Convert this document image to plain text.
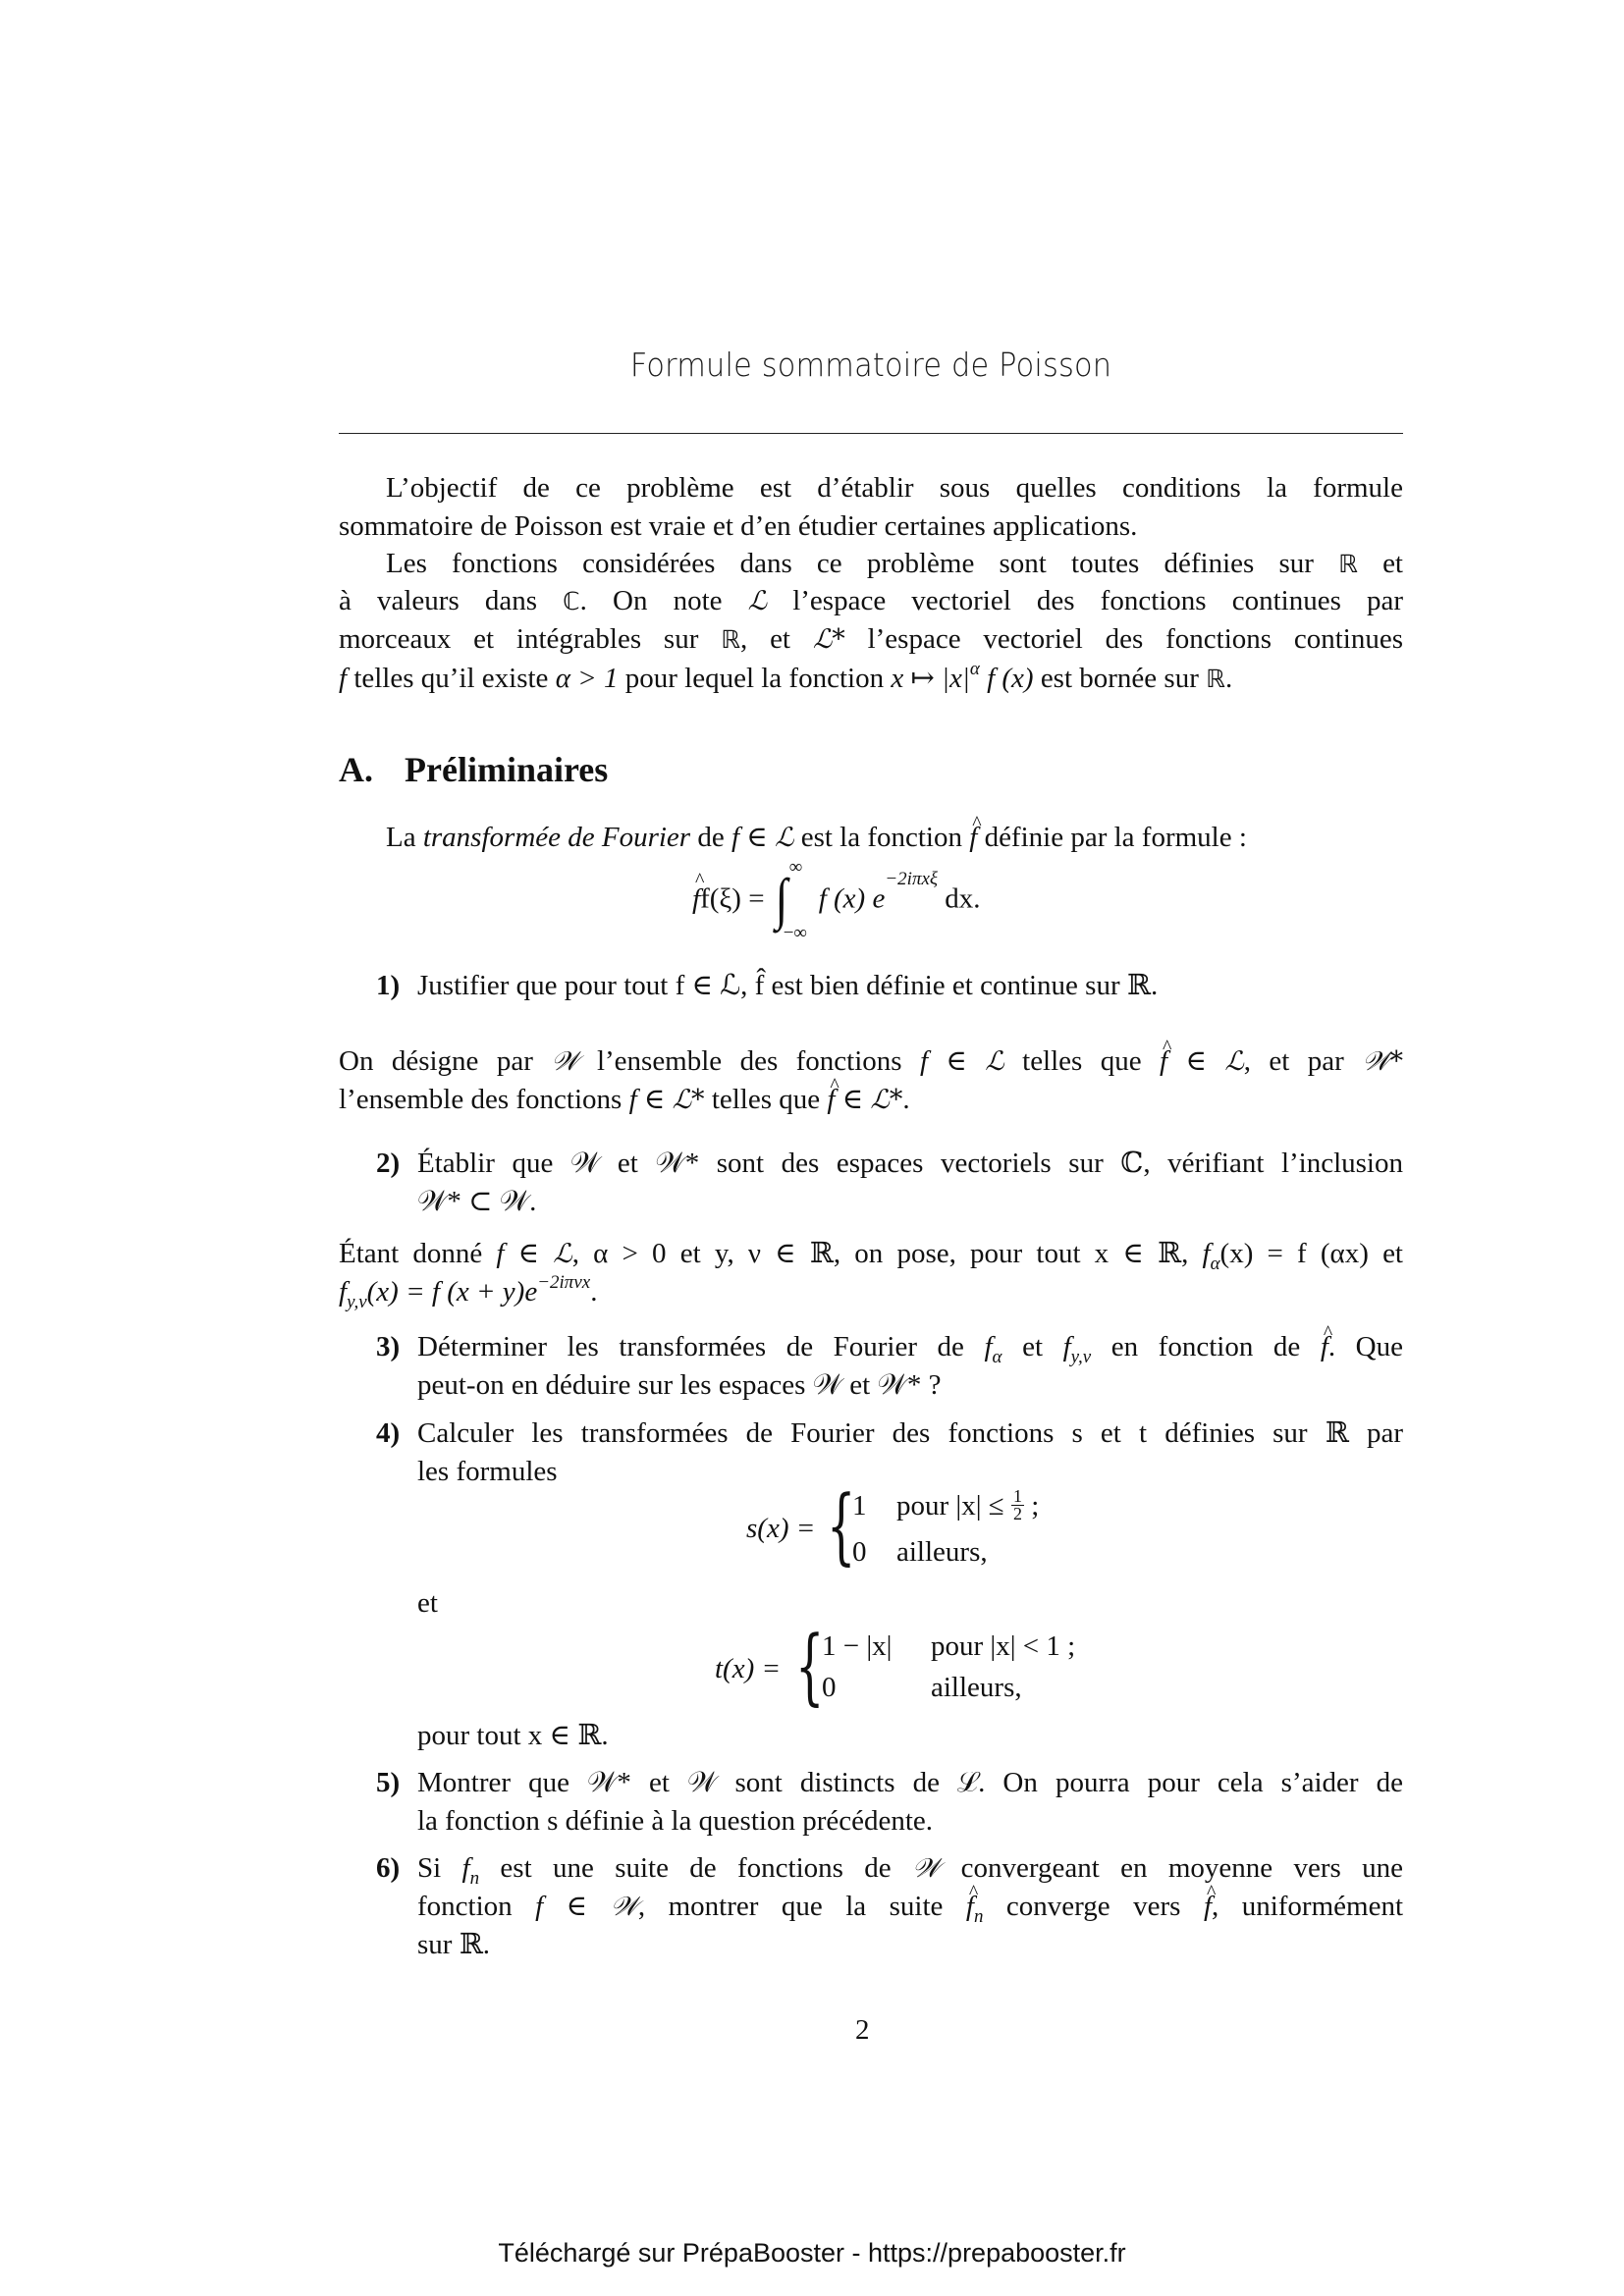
Formule sommatoire de Poisson
L’objectif de ce problème est d’établir sous quelles conditions la formule
sommatoire de Poisson est vraie et d’en étudier certaines applications.
Les fonctions considérées dans ce problème sont toutes définies sur ℝ et
à valeurs dans ℂ. On note ℒ l’espace vectoriel des fonctions continues par
morceaux et intégrables sur ℝ, et ℒ* l’espace vectoriel des fonctions continues
f telles qu’il existe α > 1 pour lequel la fonction x ↦ $|x|^\alpha$ f (x) est bornée sur ℝ.
A. Préliminaires
La transformée de Fourier de f ∈ ℒ est la fonction ^ f définie par la formule :
^ ff(ξ) = ∫ ∞
−∞
f (x) $e^{-2i\pi x\xi}$ dx.
1) Justifier que pour tout f ∈ ℒ, f̂ est bien définie et continue sur ℝ.
On désigne par 𝒲 l’ensemble des fonctions f ∈ ℒ telles que ^ f ∈ ℒ, et par 𝒲*
l’ensemble des fonctions f ∈ ℒ* telles que ^ f ∈ ℒ*.
2) Établir que 𝒲 et 𝒲* sont des espaces vectoriels sur ℂ, vérifiant l’inclusion
𝒲* ⊂ 𝒲.
Étant donné f ∈ ℒ, α > 0 et y, ν ∈ ℝ, on pose, pour tout x ∈ ℝ, $f_\alpha(x) = f$ (αx) et
$f_{y,\nu}(x) = f$ $(x + y)e^{-2i\pi\nu x}$.
3) Déterminer les transformées de Fourier de $f_\alpha$ et $f_{y,\nu}$ en fonction de ^ f. Que
peut-on en déduire sur les espaces 𝒲 et 𝒲* ?
4) Calculer les transformées de Fourier des fonctions s et t définies sur ℝ par
les formules
s(x) = {
1 pour $|x| \le \frac{1}{2}$ ;
0 ailleurs,
et
t(x) = {
1 − |x| pour |x| < 1 ;
0	ailleurs,
pour tout x ∈ ℝ.
5) Montrer que 𝒲* et 𝒲 sont distincts de ℒ. On pourra pour cela s’aider de
la fonction s définie à la question précédente.
6) Si $f_n$ est une suite de fonctions de 𝒲 convergeant en moyenne vers une
fonction f ∈ 𝒲, montrer que la suite ^ $f_n$ converge vers ^ f, uniformément
sur ℝ.
2
Téléchargé sur PrépaBooster - https://prepabooster.fr
